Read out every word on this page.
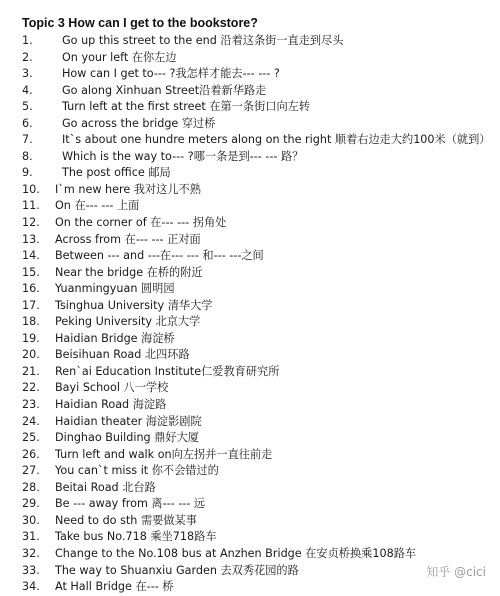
Topic 3 How can I get to the bookstore?
1.	Go up this street to the end 沿着这条街一直走到尽头
2.	On your left 在你左边
3.	How can I get to--- ?我怎样才能去--- --- ?
4.	Go along Xinhuan Street沿着新华路走
5.	Turn left at the first street 在第一条街口向左转
6.	Go across the bridge 穿过桥
7.	It`s about one hundre meters along on the right 顺着右边走大约100米（就到）
8.	Which is the way to--- ?哪一条是到--- --- 路？
9.	The post office 邮局
10. I`m new here 我对这儿不熟
11. On 在--- --- 上面
12. On the corner of 在--- --- 拐角处
13. Across from 在--- --- 正对面
14. Between --- and ---在--- --- 和--- ---之间
15. Near the bridge 在桥的附近
16. Yuanmingyuan 圆明园
17. Tsinghua University 清华大学
18. Peking University 北京大学
19. Haidian Bridge 海淀桥
20. Beisihuan Road 北四环路
21. Ren`ai Education Institute仁爱教育研究所
22. Bayi School 八一学校
23. Haidian Road 海淀路
24. Haidian theater 海淀影剧院
25. Dinghao Building 鼎好大厦
26. Turn left and walk on向左拐并一直往前走
27. You can`t miss it 你不会错过的
28. Beitai Road 北台路
29. Be --- away from 离--- --- 远
30. Need to do sth 需要做某事
31. Take bus No.718 乘坐718路车
32. Change to the No.108 bus at Anzhen Bridge 在安贞桥换乘108路车
33. The way to Shuanxiu Garden 去双秀花园的路
34. At Hall Bridge 在--- 桥
知乎 @cici
